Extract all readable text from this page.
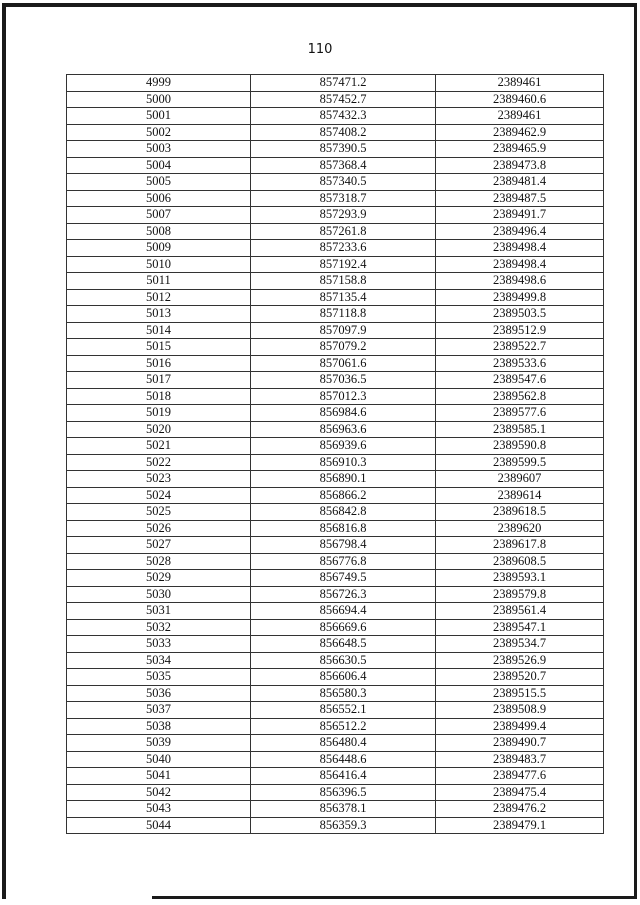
110
4999	857471.2	2389461
5000	857452.7	2389460.6
5001	857432.3	2389461
5002	857408.2	2389462.9
5003	857390.5	2389465.9
5004	857368.4	2389473.8
5005	857340.5	2389481.4
5006	857318.7	2389487.5
5007	857293.9	2389491.7
5008	857261.8	2389496.4
5009	857233.6	2389498.4
5010	857192.4	2389498.4
5011	857158.8	2389498.6
5012	857135.4	2389499.8
5013	857118.8	2389503.5
5014	857097.9	2389512.9
5015	857079.2	2389522.7
5016	857061.6	2389533.6
5017	857036.5	2389547.6
5018	857012.3	2389562.8
5019	856984.6	2389577.6
5020	856963.6	2389585.1
5021	856939.6	2389590.8
5022	856910.3	2389599.5
5023	856890.1	2389607
5024	856866.2	2389614
5025	856842.8	2389618.5
5026	856816.8	2389620
5027	856798.4	2389617.8
5028	856776.8	2389608.5
5029	856749.5	2389593.1
5030	856726.3	2389579.8
5031	856694.4	2389561.4
5032	856669.6	2389547.1
5033	856648.5	2389534.7
5034	856630.5	2389526.9
5035	856606.4	2389520.7
5036	856580.3	2389515.5
5037	856552.1	2389508.9
5038	856512.2	2389499.4
5039	856480.4	2389490.7
5040	856448.6	2389483.7
5041	856416.4	2389477.6
5042	856396.5	2389475.4
5043	856378.1	2389476.2
5044	856359.3	2389479.1
